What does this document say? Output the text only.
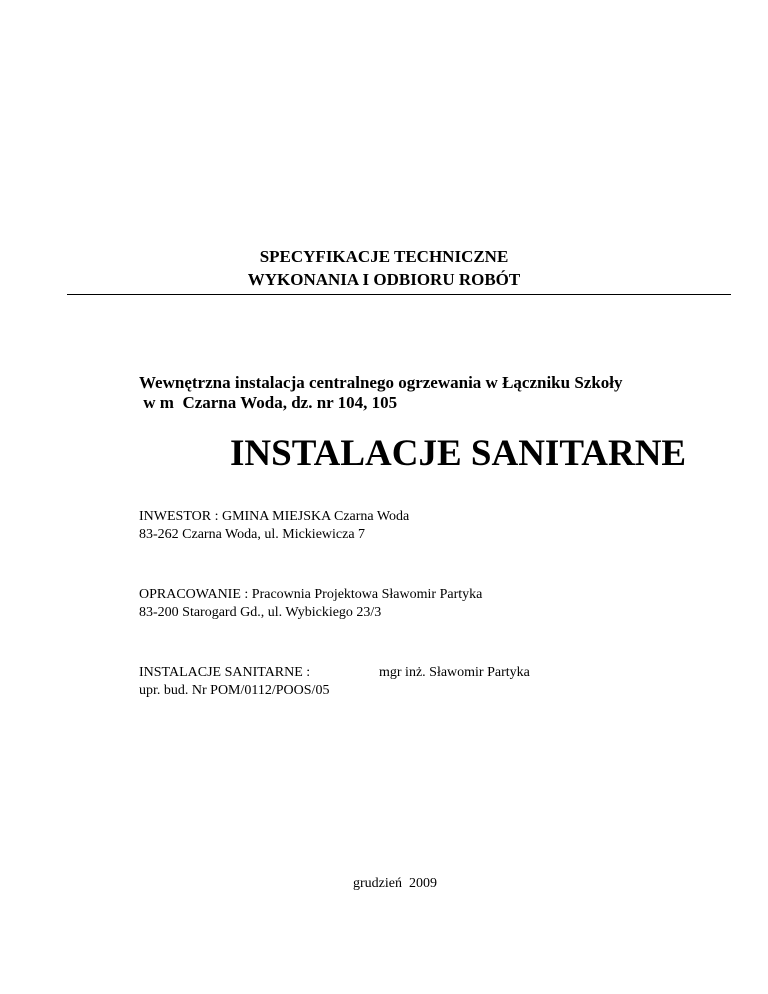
SPECYFIKACJE TECHNICZNE
WYKONANIA I ODBIORU ROBÓT
Wewnętrzna instalacja centralnego ogrzewania w Łączniku Szkoły
w m  Czarna Woda, dz. nr 104, 105
INSTALACJE SANITARNE
INWESTOR : GMINA MIEJSKA Czarna Woda
83-262 Czarna Woda, ul. Mickiewicza 7
OPRACOWANIE : Pracownia Projektowa Sławomir Partyka
83-200 Starogard Gd., ul. Wybickiego 23/3
INSTALACJE SANITARNE :
upr. bud. Nr POM/0112/POOS/05
mgr inż. Sławomir Partyka
grudzień  2009
